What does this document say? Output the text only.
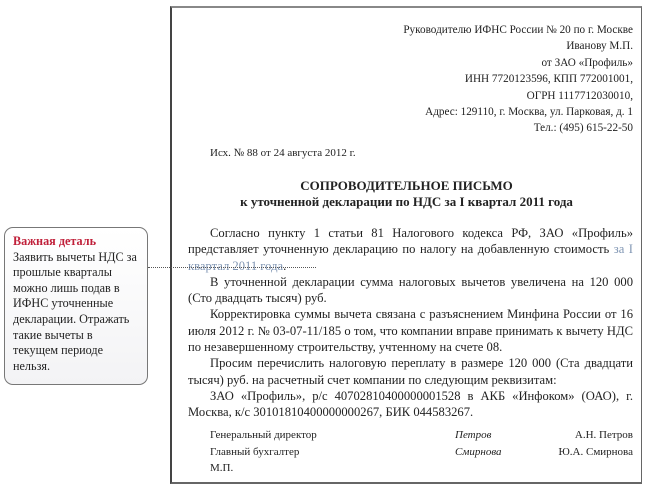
Руководителю ИФНС России № 20 по г. Москве
Иванову М.П.
от ЗАО «Профиль»
ИНН 7720123596, КПП 772001001,
ОГРН 1117712030010,
Адрес: 129110, г. Москва, ул. Парковая, д. 1
Тел.: (495) 615-22-50
Исх. № 88 от 24 августа 2012 г.
СОПРОВОДИТЕЛЬНОЕ ПИСЬМО
к уточненной декларации по НДС за I квартал 2011 года

Согласно пункту 1 статьи 81 Налогового кодекса РФ, ЗАО «Профиль» представляет уточненную декларацию по налогу на добавленную стоимость за I квартал 2011 года.

В уточненной декларации сумма налоговых вычетов увеличена на 120 000 (Сто двадцать тысяч) руб.

Корректировка суммы вычета связана с разъяснением Минфина России от 16 июля 2012 г. № 03-07-11/185 о том, что компании вправе принимать к вычету НДС по незавершенному строительству, учтенному на счете 08.

Просим перечислить налоговую переплату в размере 120 000 (Ста двадцати тысяч) руб. на расчетный счет компании по следующим реквизитам:

ЗАО «Профиль», р/с 40702810400000001528 в АКБ «Инфоком» (ОАО), г. Москва, к/с 30101810400000000267, БИК 044583267.

Генеральный директор	Петров	А.Н. Петров
Главный бухгалтер	Смирнова	Ю.А. Смирнова
М.П.
Важная деталь
Заявить вычеты НДС за прошлые кварталы можно лишь подав в ИФНС уточненные декларации. Отражать такие вычеты в текущем периоде нельзя.
